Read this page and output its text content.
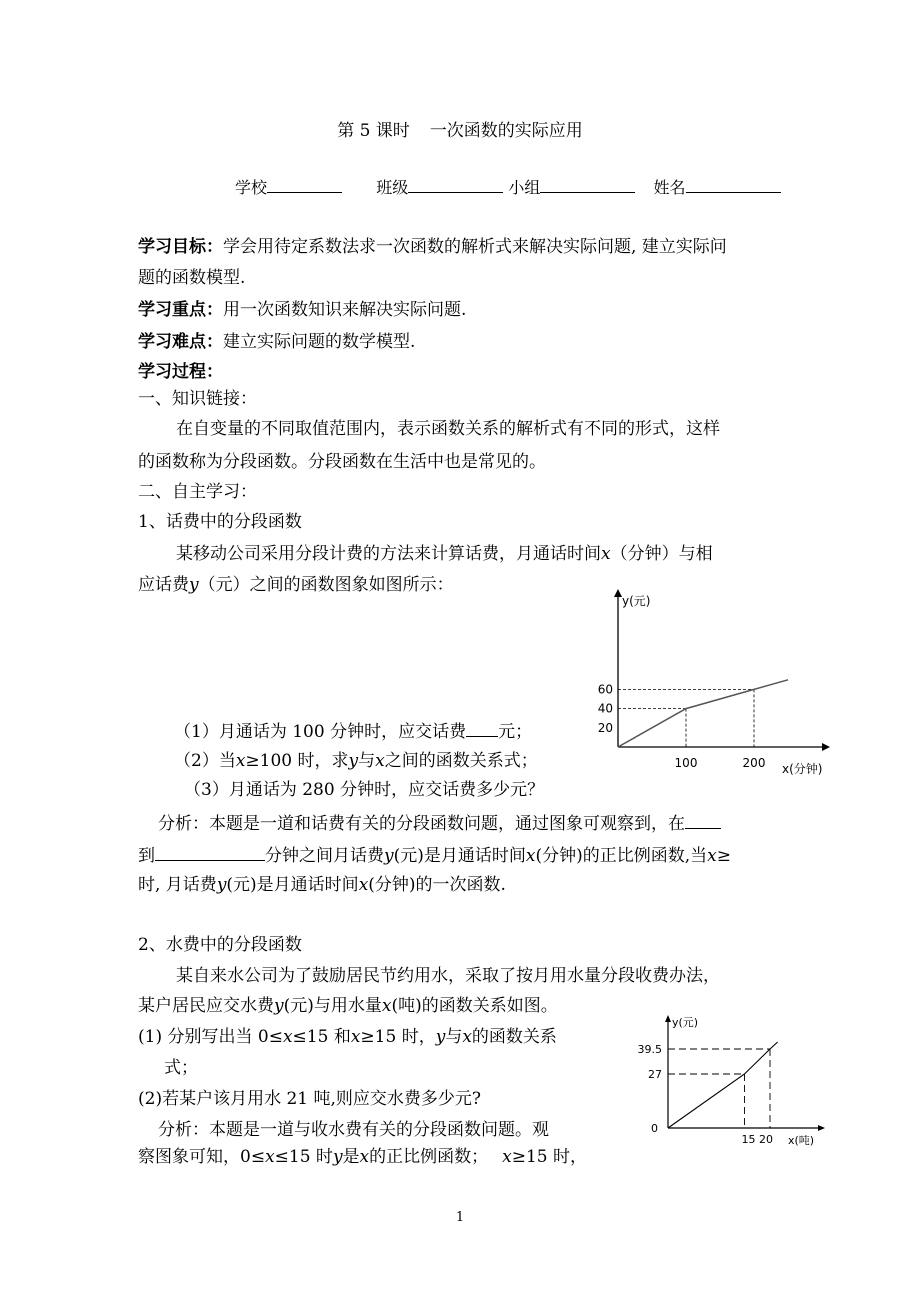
第 5 课时 一次函数的实际应用
学校	班级	小组	姓名
学习目标：学会用待定系数法求一次函数的解析式来解决实际问题, 建立实际问
题的函数模型.
学习重点：用一次函数知识来解决实际问题.
学习难点：建立实际问题的数学模型.
学习过程：
一、知识链接：
在自变量的不同取值范围内，表示函数关系的解析式有不同的形式，这样
的函数称为分段函数。分段函数在生活中也是常见的。
二、自主学习：
1、话费中的分段函数
某移动公司采用分段计费的方法来计算话费，月通话时间x（分钟）与相
应话费y（元）之间的函数图象如图所示：
（1）月通话为 100 分钟时，应交话费 元；
（2）当x≥100 时，求y与x之间的函数关系式；
（3）月通话为 280 分钟时，应交话费多少元？
分析：本题是一道和话费有关的分段函数问题，通过图象可观察到，在
到	分钟之间月话费y(元)是月通话时间x(分钟)的正比例函数,当x≥
时, 月话费y(元)是月通话时间x(分钟)的一次函数.
y(元)
x(分钟)
60
40
20
100	200
2、水费中的分段函数
某自来水公司为了鼓励居民节约用水，采取了按月用水量分段收费办法，
某户居民应交水费y(元)与用水量x(吨)的函数关系如图。
(1) 分别写出当 0≤x≤15 和x≥15 时，y与x的函数关系
式；
(2)若某户该月用水 21 吨,则应交水费多少元?
分析：本题是一道与收水费有关的分段函数问题。观
察图象可知，0≤x≤15 时y是x的正比例函数； x≥15 时，
y(元)
x(吨)
39.5
27
0
15 20
1
